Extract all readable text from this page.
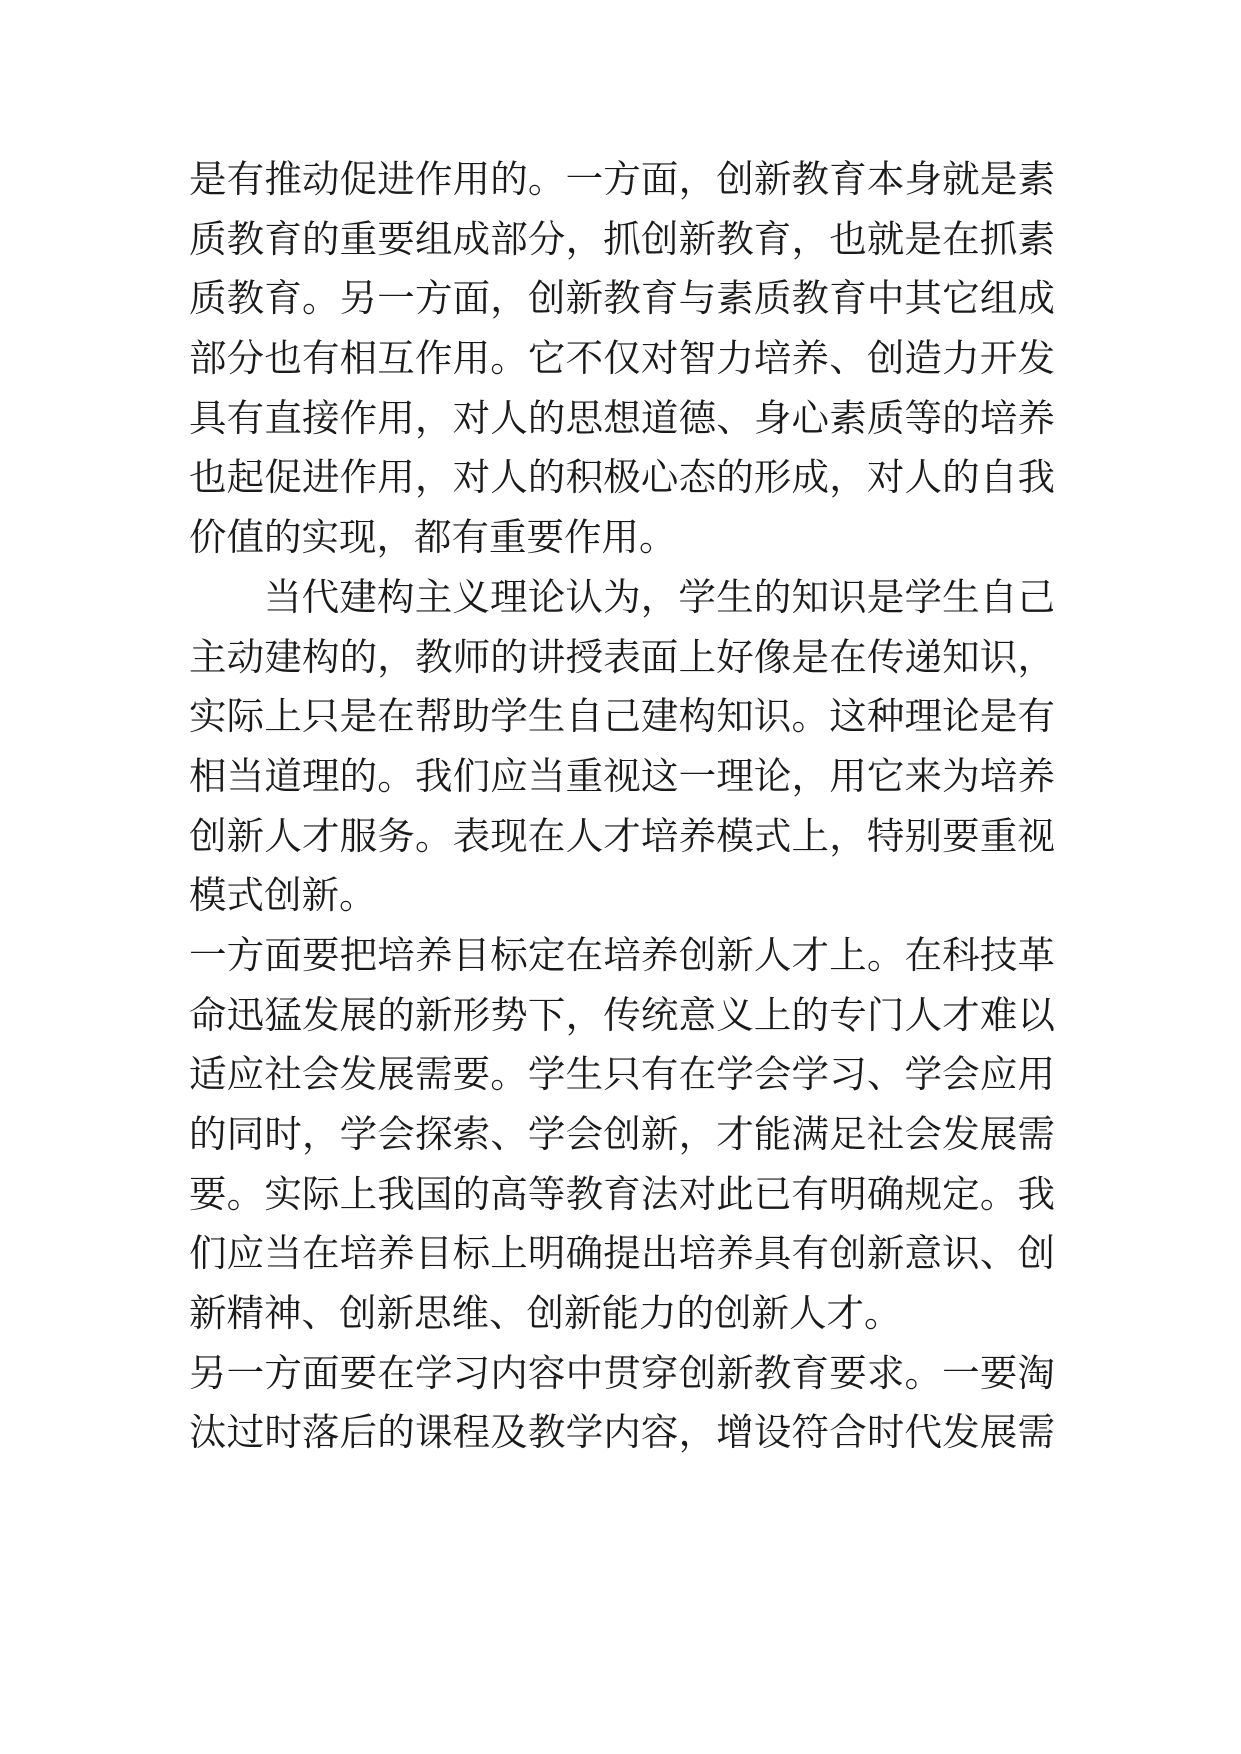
是有推动促进作用的。一方面，创新教育本身就是素
质教育的重要组成部分，抓创新教育，也就是在抓素
质教育。另一方面，创新教育与素质教育中其它组成
部分也有相互作用。它不仅对智力培养、创造力开发
具有直接作用，对人的思想道德、身心素质等的培养
也起促进作用，对人的积极心态的形成，对人的自我
价值的实现，都有重要作用。
当代建构主义理论认为，学生的知识是学生自己
主动建构的，教师的讲授表面上好像是在传递知识，
实际上只是在帮助学生自己建构知识。这种理论是有
相当道理的。我们应当重视这一理论，用它来为培养
创新人才服务。表现在人才培养模式上，特别要重视
模式创新。
一方面要把培养目标定在培养创新人才上。在科技革
命迅猛发展的新形势下，传统意义上的专门人才难以
适应社会发展需要。学生只有在学会学习、学会应用
的同时，学会探索、学会创新，才能满足社会发展需
要。实际上我国的高等教育法对此已有明确规定。我
们应当在培养目标上明确提出培养具有创新意识、创
新精神、创新思维、创新能力的创新人才。
另一方面要在学习内容中贯穿创新教育要求。一要淘
汰过时落后的课程及教学内容，增设符合时代发展需
